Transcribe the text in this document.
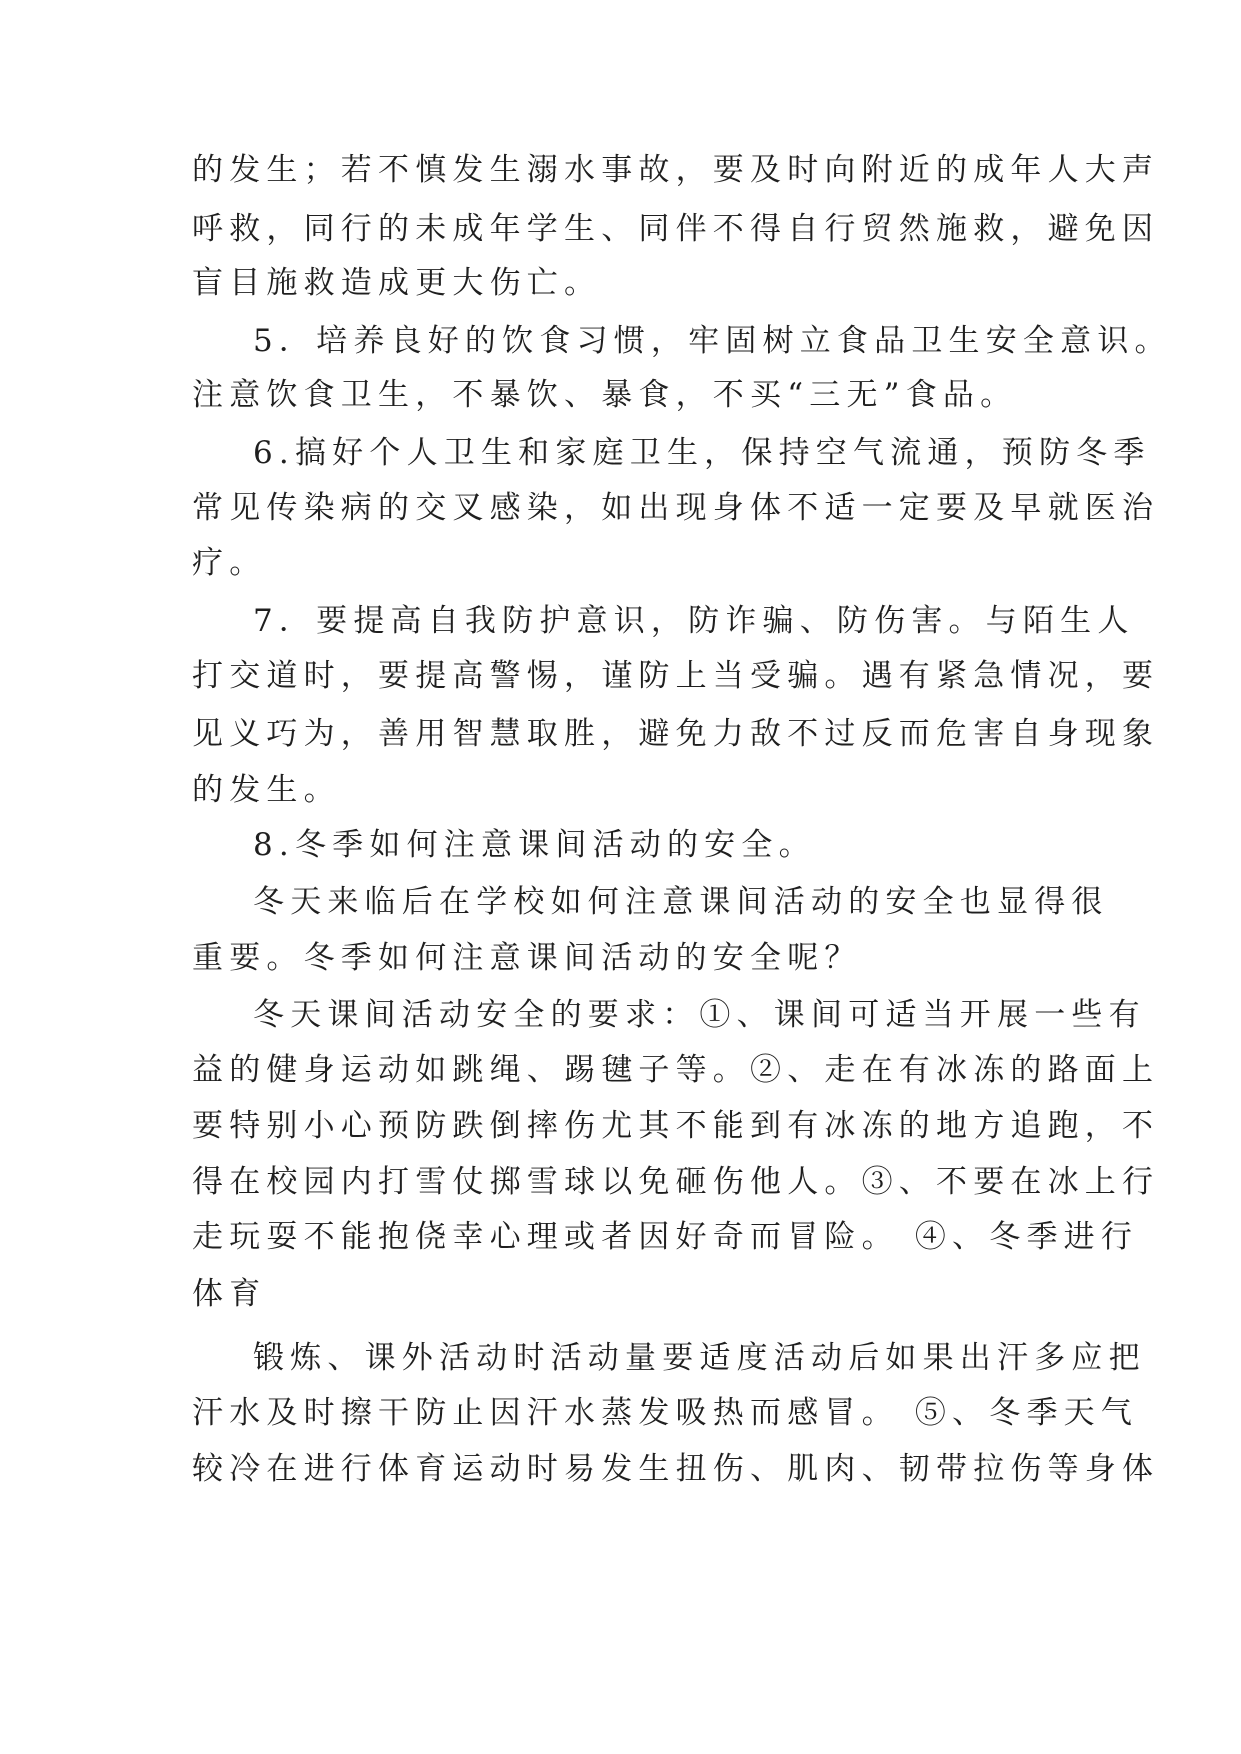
的发生；若不慎发生溺水事故，要及时向附近的成年人大声
呼救，同行的未成年学生、同伴不得自行贸然施救，避免因
盲目施救造成更大伤亡。
5．培养良好的饮食习惯，牢固树立食品卫生安全意识。
注意饮食卫生，不暴饮、暴食，不买“三无”食品。
6.搞好个人卫生和家庭卫生，保持空气流通，预防冬季
常见传染病的交叉感染，如出现身体不适一定要及早就医治
疗。
7．要提高自我防护意识，防诈骗、防伤害。与陌生人
打交道时，要提高警惕，谨防上当受骗。遇有紧急情况，要
见义巧为，善用智慧取胜，避免力敌不过反而危害自身现象
的发生。
8.冬季如何注意课间活动的安全。
冬天来临后在学校如何注意课间活动的安全也显得很
重要。冬季如何注意课间活动的安全呢？
冬天课间活动安全的要求：①、课间可适当开展一些有
益的健身运动如跳绳、踢毽子等。②、走在有冰冻的路面上
要特别小心预防跌倒摔伤尤其不能到有冰冻的地方追跑，不
得在校园内打雪仗掷雪球以免砸伤他人。③、不要在冰上行
走玩耍不能抱侥幸心理或者因好奇而冒险。 ④、冬季进行
体育
锻炼、课外活动时活动量要适度活动后如果出汗多应把
汗水及时擦干防止因汗水蒸发吸热而感冒。 ⑤、冬季天气
较冷在进行体育运动时易发生扭伤、肌肉、韧带拉伤等身体
